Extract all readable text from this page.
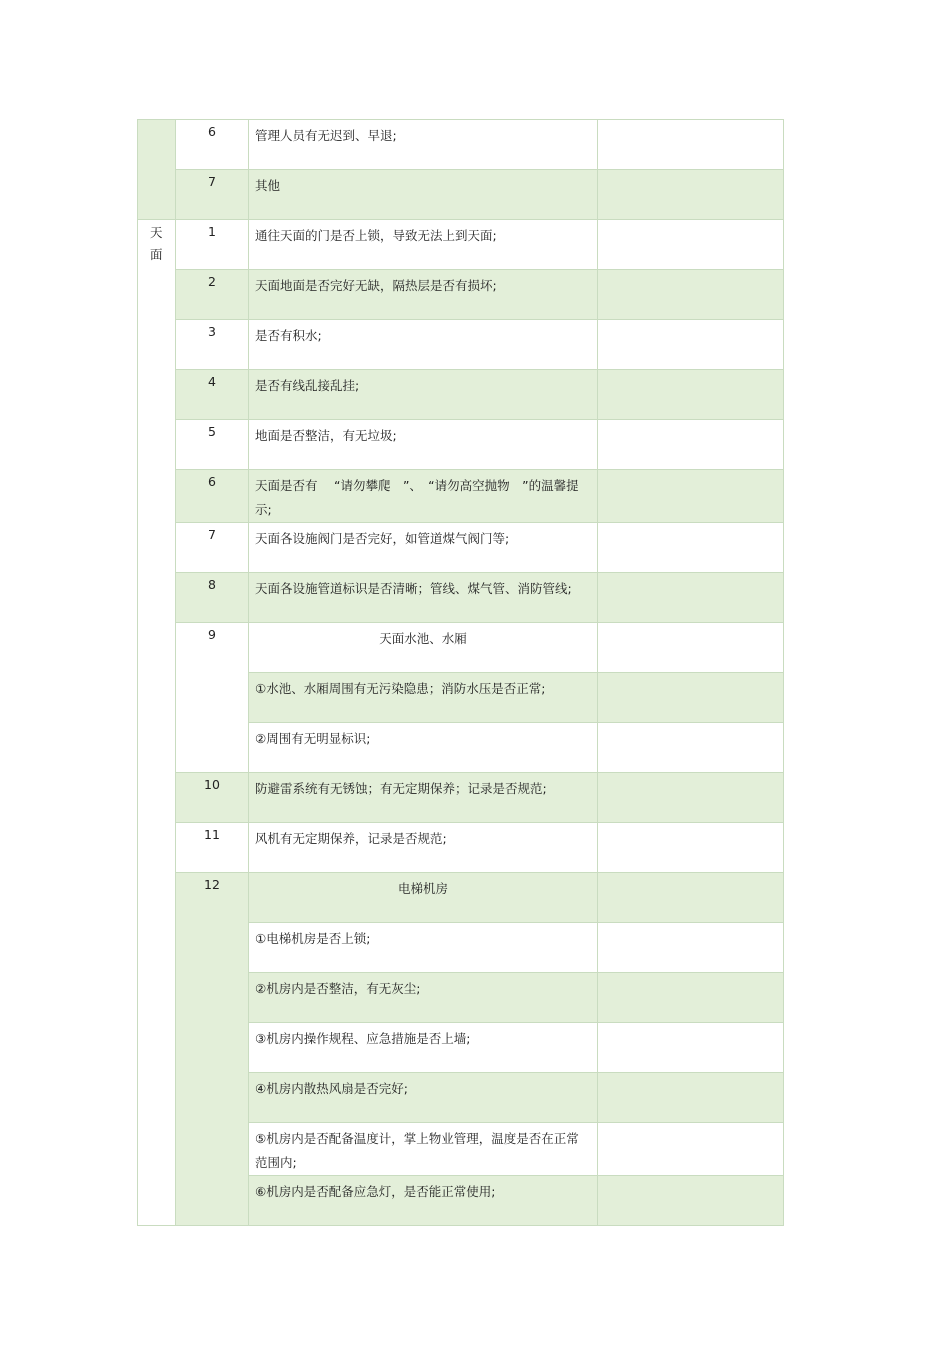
	6	管理人员有无迟到、早退;	
	7	其他	

天
面	1	通往天面的门是否上锁，导致无法上到天面;	
	2	天面地面是否完好无缺，隔热层是否有损坏;	
	3	是否有积水;	
	4	是否有线乱接乱挂;	
	5	地面是否整洁，有无垃圾;	
	6	天面是否有　 “请勿攀爬　”、　“请勿高空抛物　”的温馨提示;	
	7	天面各设施阀门是否完好，如管道煤气阀门等;	
	8	天面各设施管道标识是否清晰；管线、煤气管、消防管线;	
	9	天面水池、水厢	
		①水池、水厢周围有无污染隐患；消防水压是否正常;	
		②周围有无明显标识;	
	10	防避雷系统有无锈蚀；有无定期保养；记录是否规范;	
	11	风机有无定期保养，记录是否规范;	
	12	电梯机房	
		①电梯机房是否上锁;	
		②机房内是否整洁，有无灰尘;	
		③机房内操作规程、应急措施是否上墙;	
		④机房内散热风扇是否完好;	
		⑤机房内是否配备温度计，掌上物业管理，温度是否在正常范围内;	
		⑥机房内是否配备应急灯，是否能正常使用;	
